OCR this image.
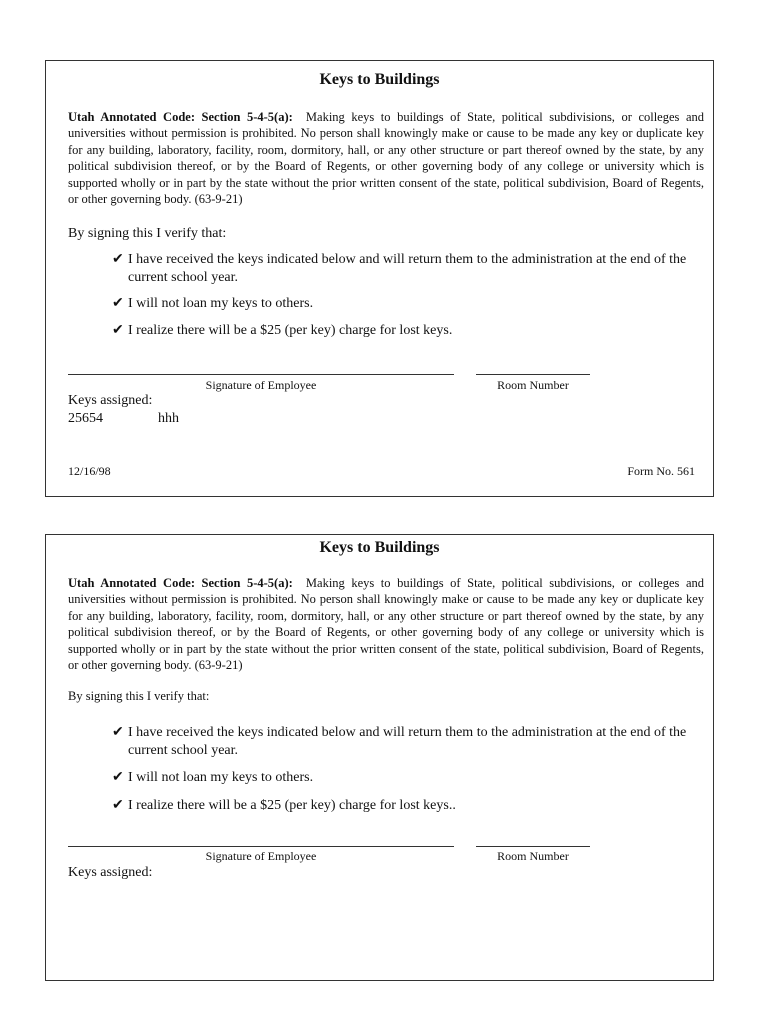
Keys to Buildings
Utah Annotated Code: Section 5-4-5(a): Making keys to buildings of State, political subdivisions, or colleges and universities without permission is prohibited. No person shall knowingly make or cause to be made any key or duplicate key for any building, laboratory, facility, room, dormitory, hall, or any other structure or part thereof owned by the state, by any political subdivision thereof, or by the Board of Regents, or other governing body of any college or university which is supported wholly or in part by the state without the prior written consent of the state, political subdivision, Board of Regents, or other governing body. (63-9-21)
By signing this I verify that:
✔ I have received the keys indicated below and will return them to the administration at the end of the current school year.
✔ I will not loan my keys to others.
✔ I realize there will be a $25 (per key) charge for lost keys.
Signature of Employee	Room Number
Keys assigned:
25654	hhh
12/16/98	Form No. 561
Keys to Buildings
Utah Annotated Code: Section 5-4-5(a): Making keys to buildings of State, political subdivisions, or colleges and universities without permission is prohibited. No person shall knowingly make or cause to be made any key or duplicate key for any building, laboratory, facility, room, dormitory, hall, or any other structure or part thereof owned by the state, by any political subdivision thereof, or by the Board of Regents, or other governing body of any college or university which is supported wholly or in part by the state without the prior written consent of the state, political subdivision, Board of Regents, or other governing body. (63-9-21)
By signing this I verify that:
✔ I have received the keys indicated below and will return them to the administration at the end of the current school year.
✔ I will not loan my keys to others.
✔ I realize there will be a $25 (per key) charge for lost keys..
Signature of Employee	Room Number
Keys assigned:
